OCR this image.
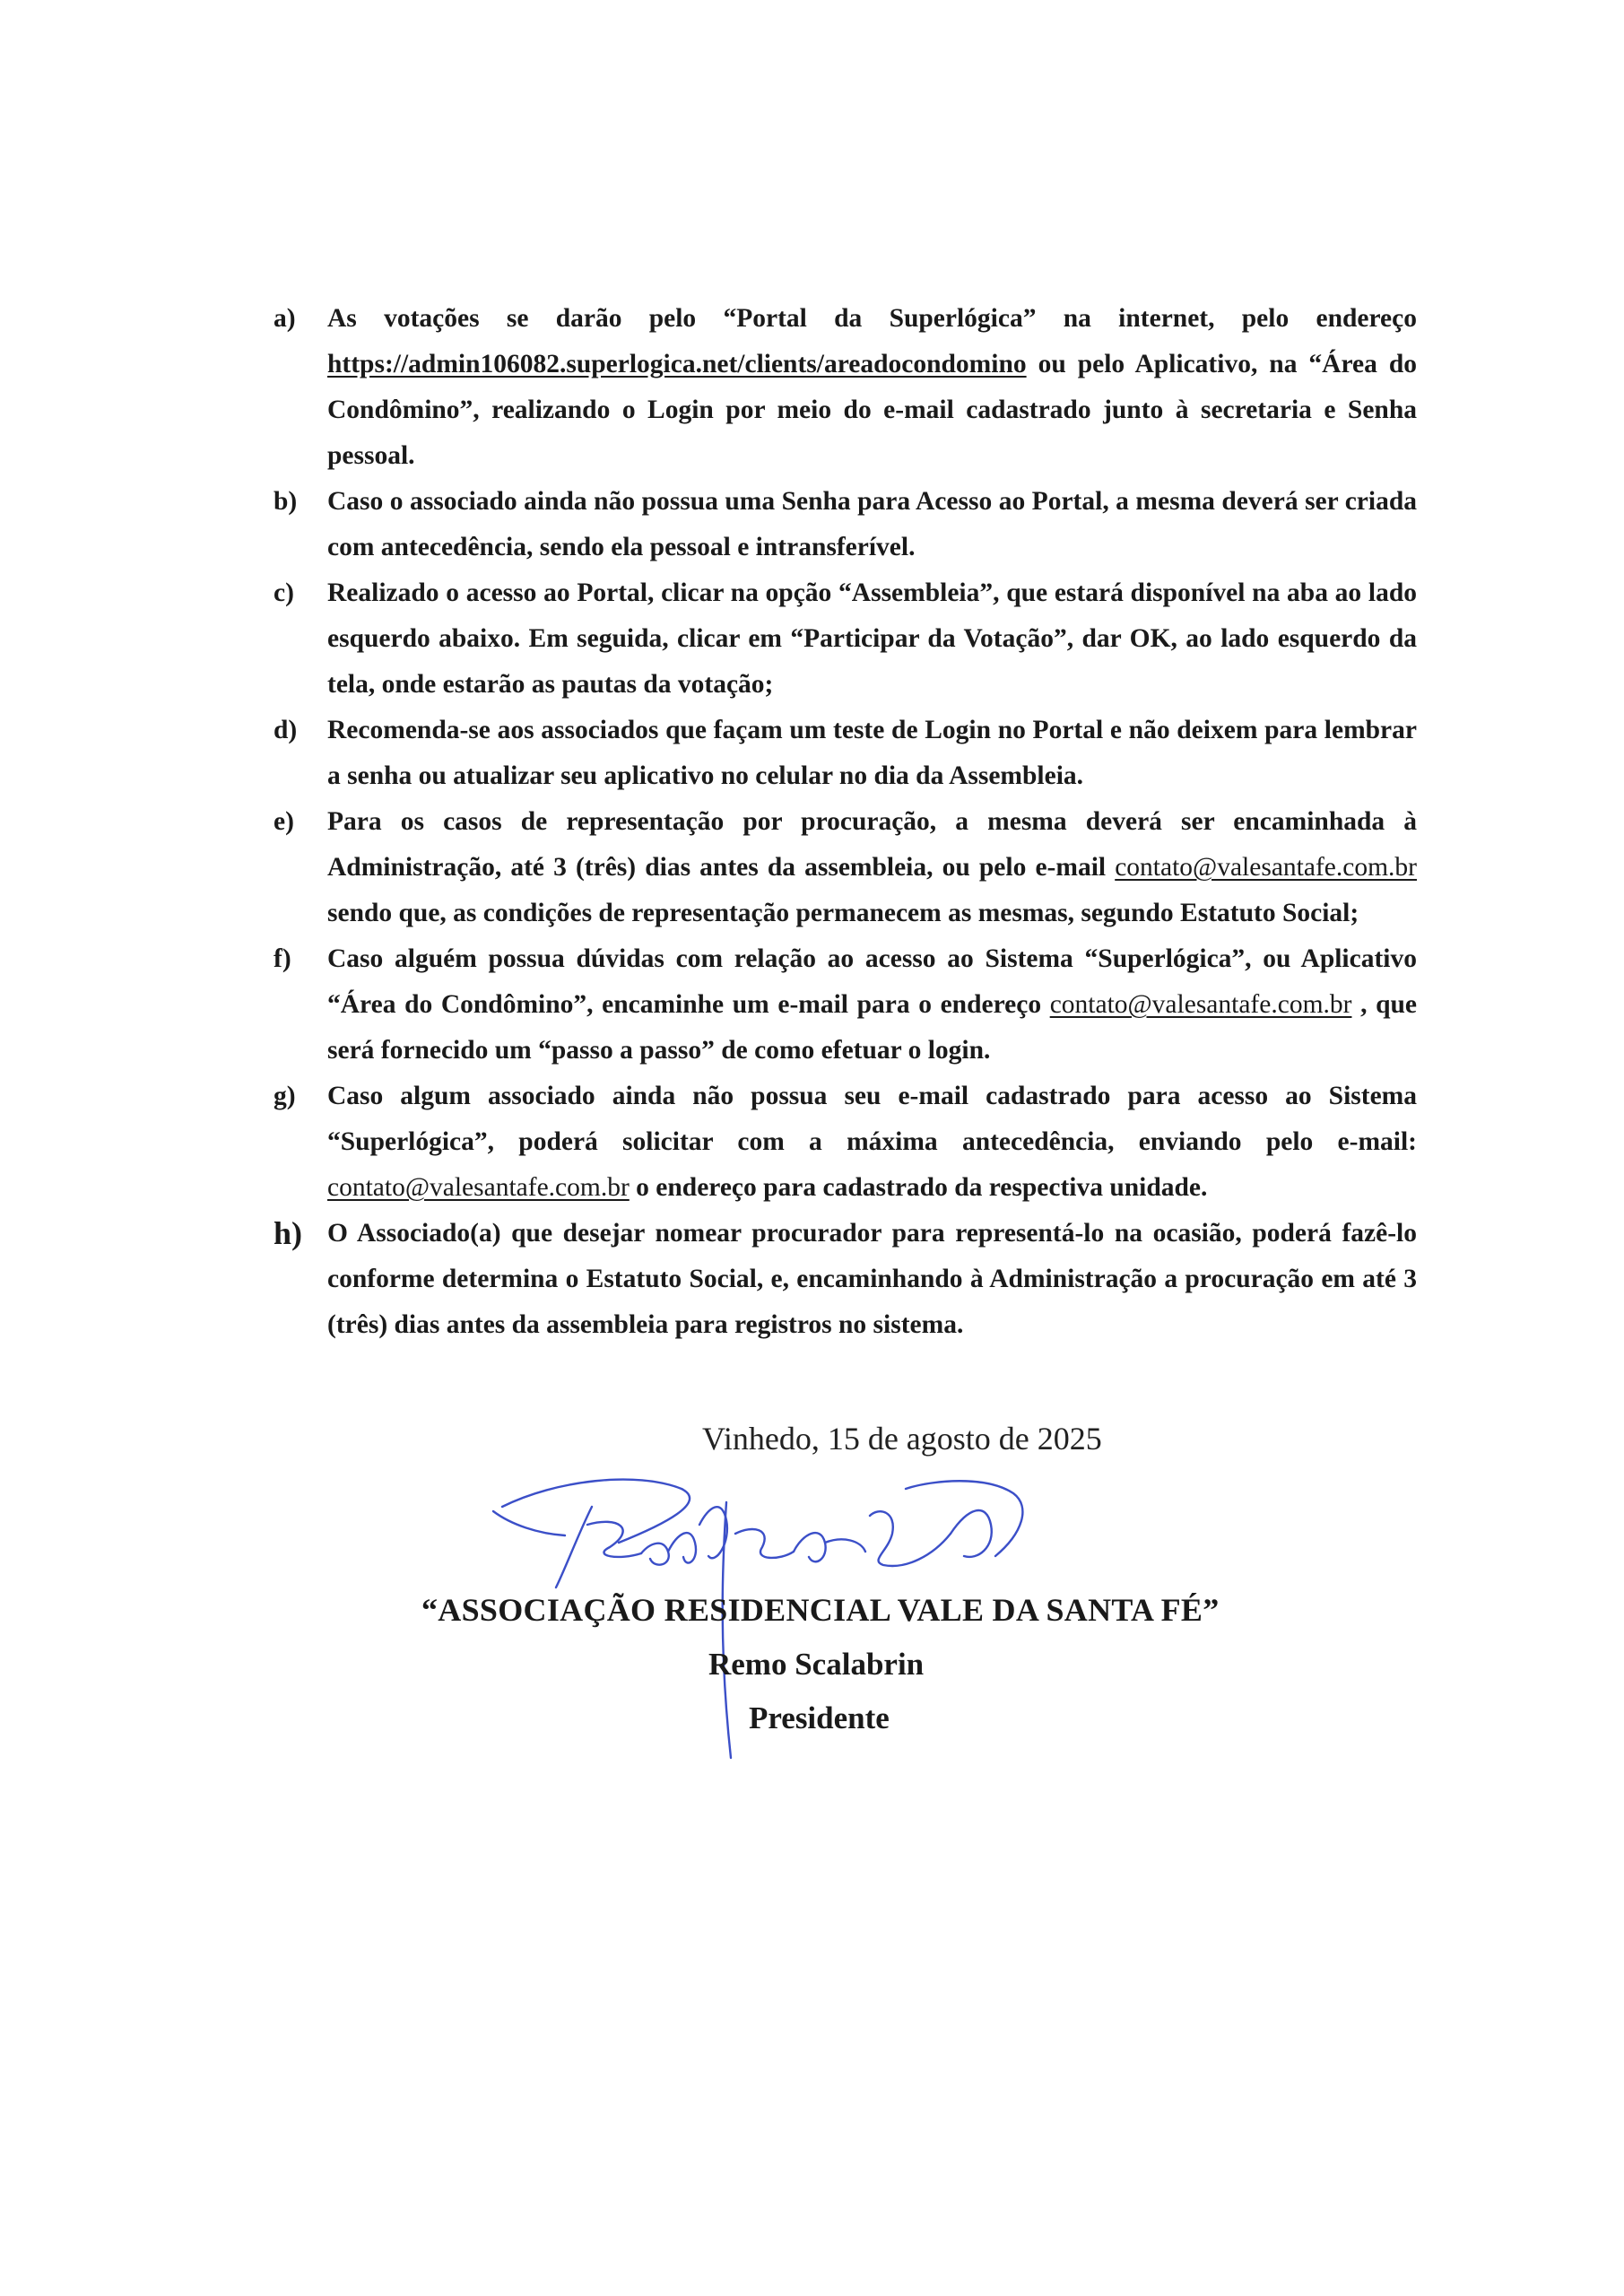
a) As votações se darão pelo “Portal da Superlógica” na internet, pelo endereço https://admin106082.superlogica.net/clients/areadocondomino ou pelo Aplicativo, na “Área do Condômino”, realizando o Login por meio do e-mail cadastrado junto à secretaria e Senha pessoal.
b) Caso o associado ainda não possua uma Senha para Acesso ao Portal, a mesma deverá ser criada com antecedência, sendo ela pessoal e intransferível.
c) Realizado o acesso ao Portal, clicar na opção “Assembleia”, que estará disponível na aba ao lado esquerdo abaixo. Em seguida, clicar em “Participar da Votação”, dar OK, ao lado esquerdo da tela, onde estarão as pautas da votação;
d) Recomenda-se aos associados que façam um teste de Login no Portal e não deixem para lembrar a senha ou atualizar seu aplicativo no celular no dia da Assembleia.
e) Para os casos de representação por procuração, a mesma deverá ser encaminhada à Administração, até 3 (três) dias antes da assembleia, ou pelo e-mail contato@valesantafe.com.br sendo que, as condições de representação permanecem as mesmas, segundo Estatuto Social;
f) Caso alguém possua dúvidas com relação ao acesso ao Sistema “Superlógica”, ou Aplicativo “Área do Condômino”, encaminhe um e-mail para o endereço contato@valesantafe.com.br , que será fornecido um “passo a passo” de como efetuar o login.
g) Caso algum associado ainda não possua seu e-mail cadastrado para acesso ao Sistema “Superlógica”, poderá solicitar com a máxima antecedência, enviando pelo e-mail: contato@valesantafe.com.br o endereço para cadastrado da respectiva unidade.
h) O Associado(a) que desejar nomear procurador para representá-lo na ocasião, poderá fazê-lo conforme determina o Estatuto Social, e, encaminhando à Administração a procuração em até 3 (três) dias antes da assembleia para registros no sistema.
Vinhedo, 15 de agosto de 2025
“ASSOCIAÇÃO RESIDENCIAL VALE DA SANTA FÉ”
Remo Scalabrin
Presidente
